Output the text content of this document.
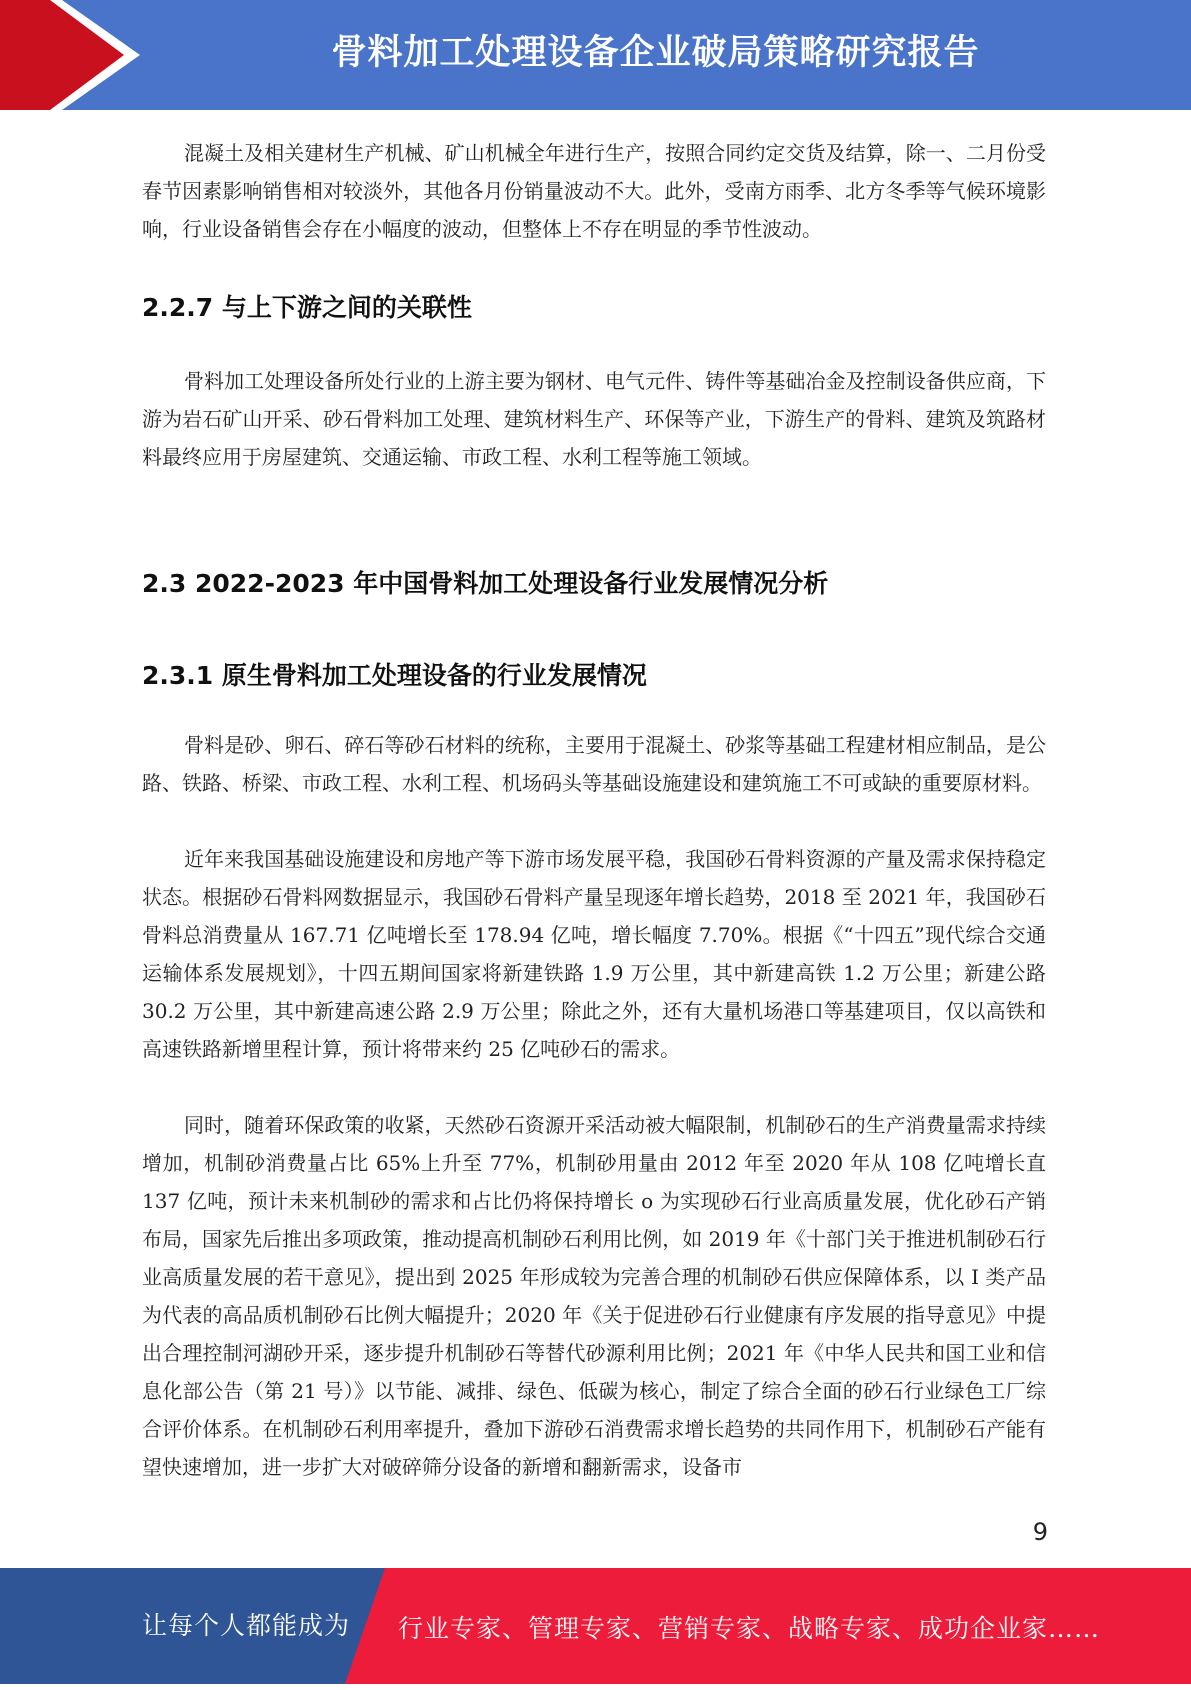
骨料加工处理设备企业破局策略研究报告

混凝土及相关建材生产机械、矿山机械全年进行生产，按照合同约定交货及结算，除一、二月份受春节因素影响销售相对较淡外，其他各月份销量波动不大。此外，受南方雨季、北方冬季等气候环境影响，行业设备销售会存在小幅度的波动，但整体上不存在明显的季节性波动。

2.2.7 与上下游之间的关联性

骨料加工处理设备所处行业的上游主要为钢材、电气元件、铸件等基础冶金及控制设备供应商，下游为岩石矿山开采、砂石骨料加工处理、建筑材料生产、环保等产业，下游生产的骨料、建筑及筑路材料最终应用于房屋建筑、交通运输、市政工程、水利工程等施工领域。

2.3 2022-2023 年中国骨料加工处理设备行业发展情况分析
2.3.1 原生骨料加工处理设备的行业发展情况

骨料是砂、卵石、碎石等砂石材料的统称，主要用于混凝土、砂浆等基础工程建材相应制品，是公路、铁路、桥梁、市政工程、水利工程、机场码头等基础设施建设和建筑施工不可或缺的重要原材料。

近年来我国基础设施建设和房地产等下游市场发展平稳，我国砂石骨料资源的产量及需求保持稳定状态。根据砂石骨料网数据显示，我国砂石骨料产量呈现逐年增长趋势，2018 至 2021 年，我国砂石骨料总消费量从 167.71 亿吨增长至 178.94 亿吨，增长幅度 7.70%。根据《“十四五”现代综合交通运输体系发展规划》，十四五期间国家将新建铁路 1.9 万公里，其中新建高铁 1.2 万公里；新建公路 30.2 万公里，其中新建高速公路 2.9 万公里；除此之外，还有大量机场港口等基建项目，仅以高铁和高速铁路新增里程计算，预计将带来约 25 亿吨砂石的需求。

同时，随着环保政策的收紧，天然砂石资源开采活动被大幅限制，机制砂石的生产消费量需求持续增加，机制砂消费量占比 65%上升至 77%，机制砂用量由 2012 年至 2020 年从 108 亿吨增长直 137 亿吨，预计未来机制砂的需求和占比仍将保持增长 o 为实现砂石行业高质量发展，优化砂石产销布局，国家先后推出多项政策，推动提高机制砂石利用比例，如 2019 年《十部门关于推进机制砂石行业高质量发展的若干意见》，提出到 2025 年形成较为完善合理的机制砂石供应保障体系，以 I 类产品为代表的高品质机制砂石比例大幅提升；2020 年《关于促进砂石行业健康有序发展的指导意见》中提出合理控制河湖砂开采，逐步提升机制砂石等替代砂源利用比例；2021 年《中华人民共和国工业和信息化部公告（第 21 号）》以节能、减排、绿色、低碳为核心，制定了综合全面的砂石行业绿色工厂综合评价体系。在机制砂石利用率提升，叠加下游砂石消费需求增长趋势的共同作用下，机制砂石产能有望快速增加，进一步扩大对破碎筛分设备的新增和翻新需求，设备市

9
让每个人都能成为 行业专家、管理专家、营销专家、战略专家、成功企业家……
